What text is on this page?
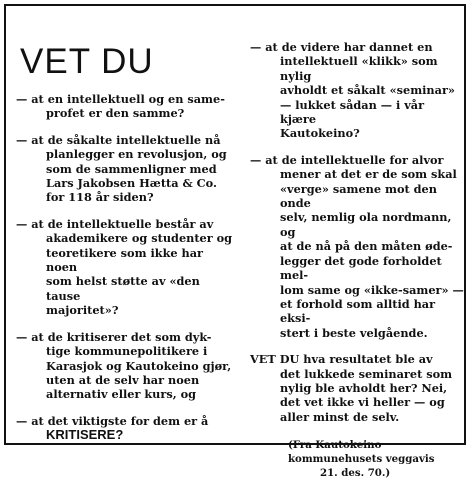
VET DU

— at en intellektuell og en same-

profet er den samme?

— at de såkalte intellektuelle nå

planlegger en revolusjon, og

som de sammenligner med

Lars Jakobsen Hætta & Co.

for 118 år siden?

— at de intellektuelle består av

akademikere og studenter og

teoretikere som ikke har noen

som helst støtte av «den tause

majoritet»?

— at de kritiserer det som dyk-

tige kommunepolitikere i

Karasjok og Kautokeino gjør,

uten at de selv har noen

alternativ eller kurs, og

— at det viktigste for dem er å

KRITISERE?

— at de videre har dannet en

intellektuell «klikk» som nylig

avholdt et såkalt «seminar»

— lukket sådan — i vår kjære

Kautokeino?

— at de intellektuelle for alvor

mener at det er de som skal

«verge» samene mot den onde

selv, nemlig ola nordmann, og

at de nå på den måten øde-

legger det gode forholdet mel-

lom same og «ikke-samer» —

et forhold som alltid har eksi-

stert i beste velgående.

VET DU hva resultatet ble av

det lukkede seminaret som

nylig ble avholdt her? Nei,

det vet ikke vi heller — og

aller minst de selv.

(Fra Kautokeino

kommunehusets veggavis

21. des. 70.)
